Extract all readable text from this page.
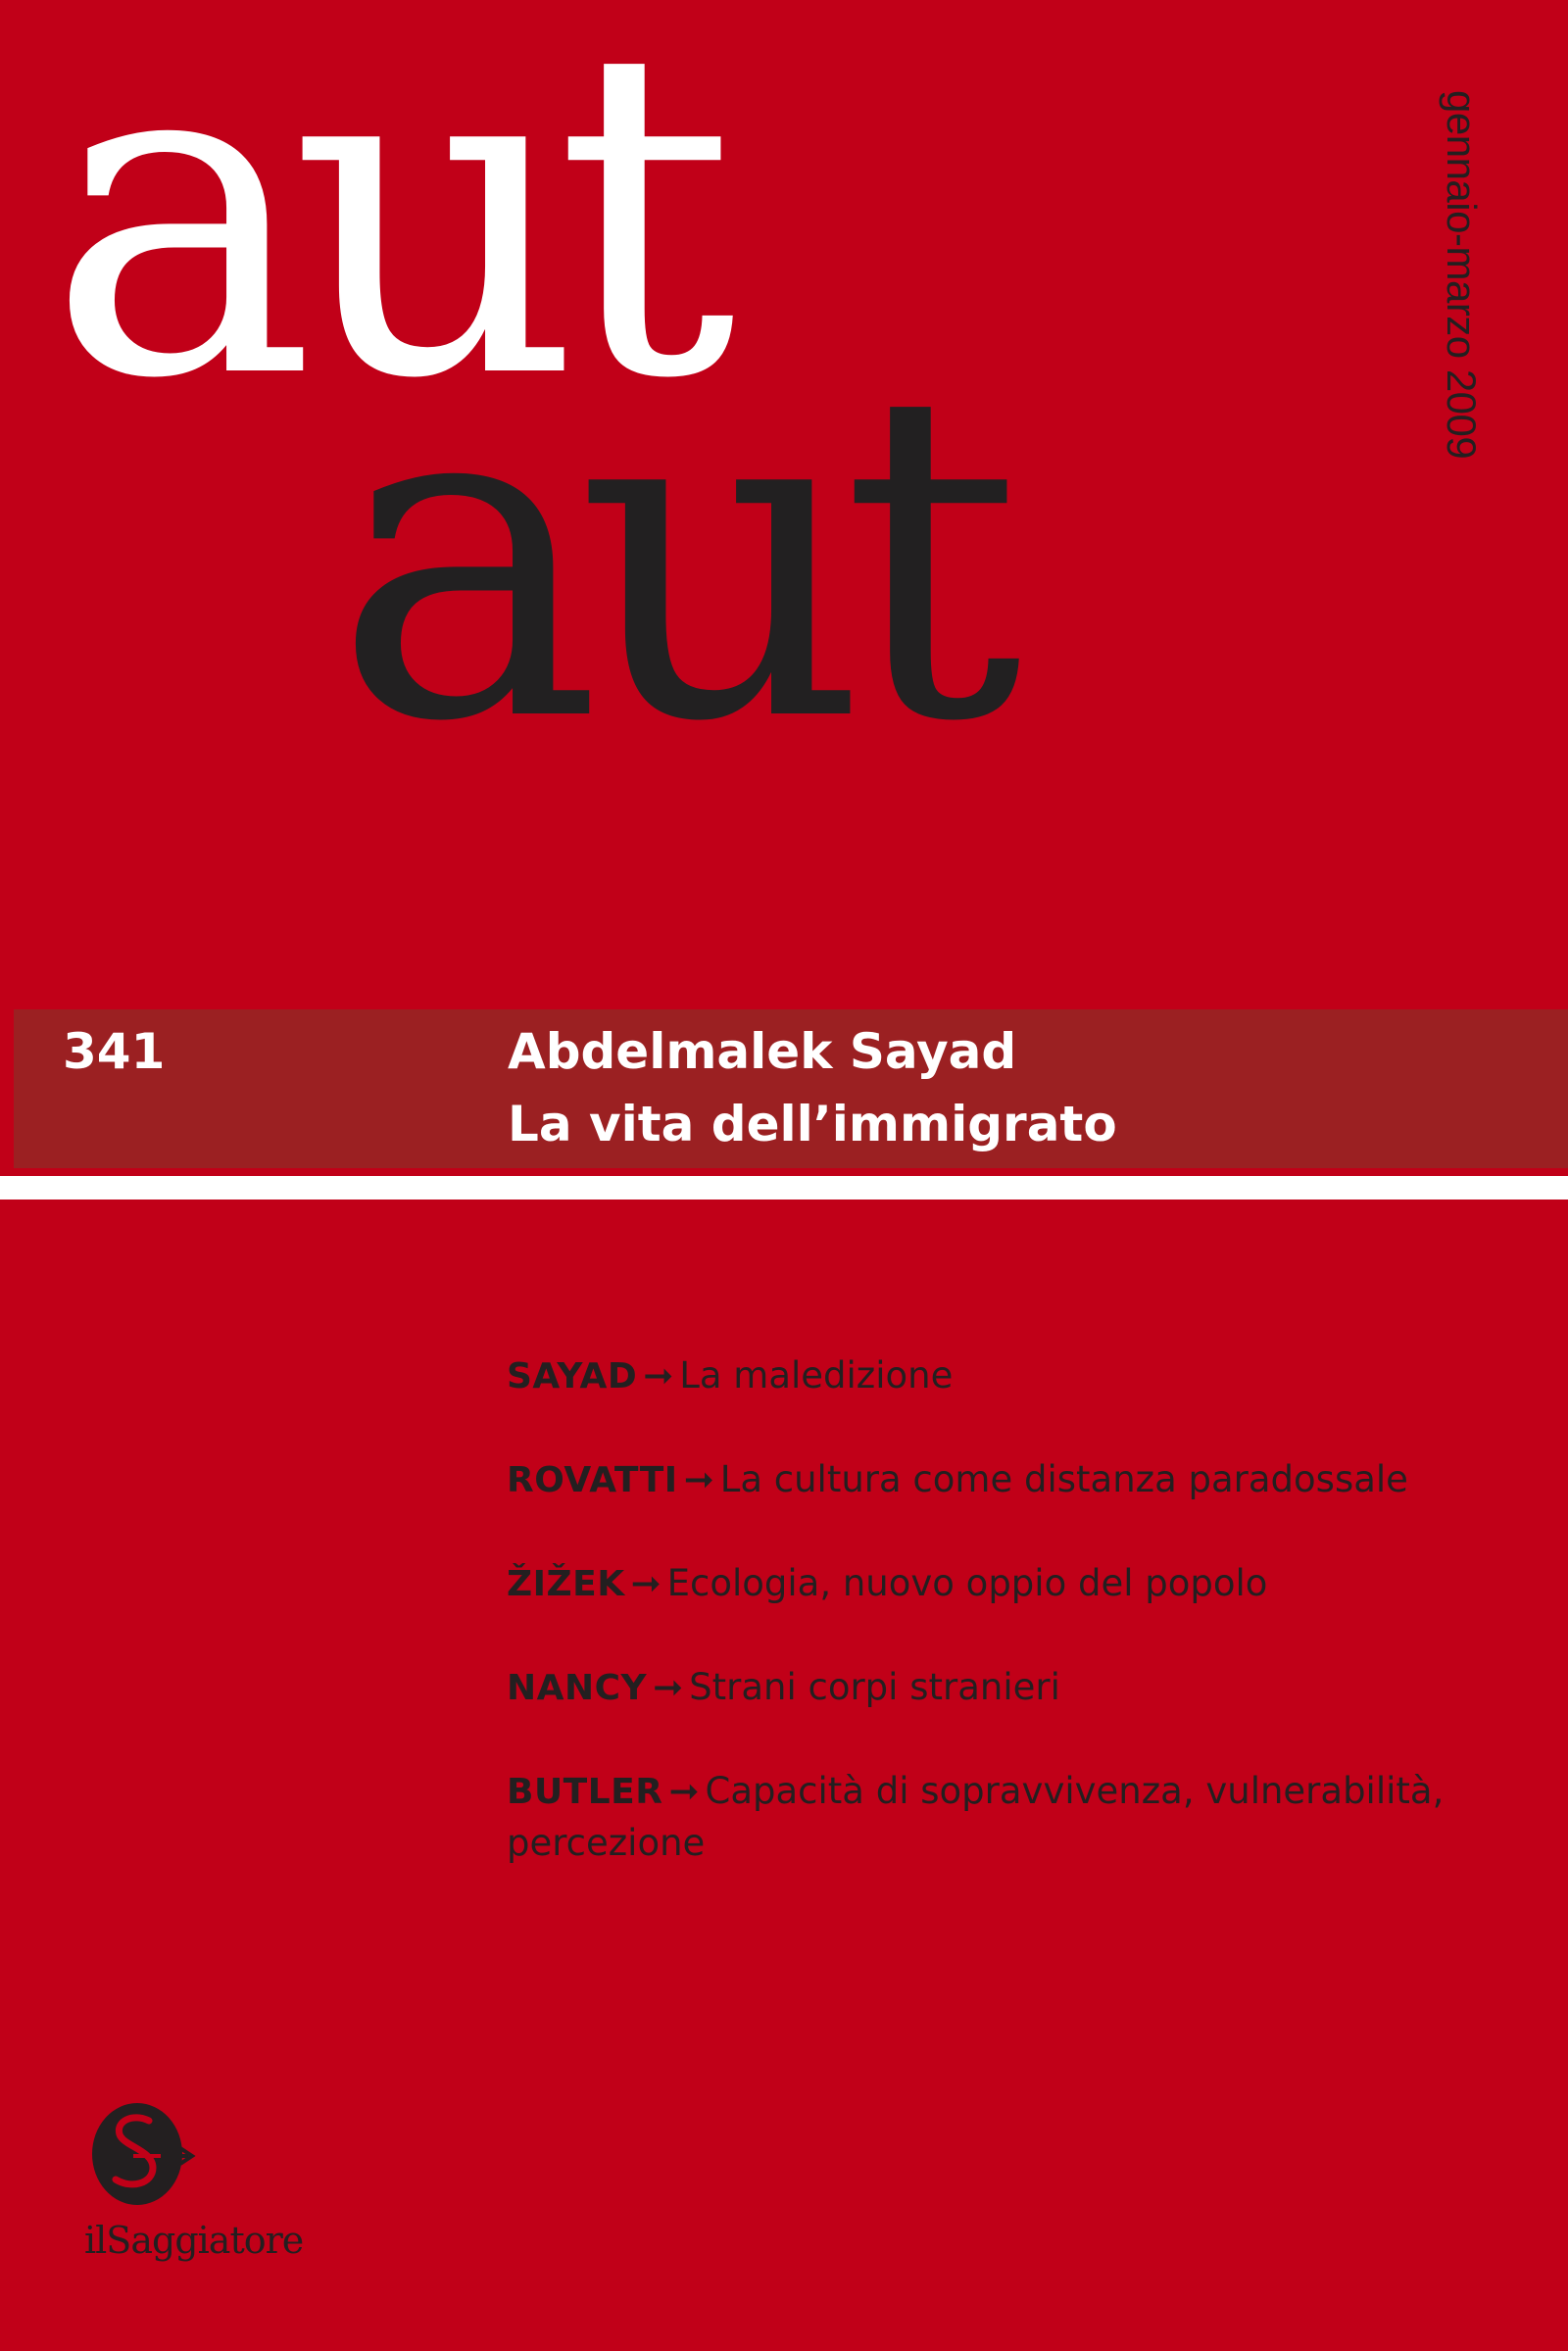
aut
aut
gennaio-marzo 2009
341	Abdelmalek Sayad
La vita dell’immigrato
SAYAD ➞ La maledizione
ROVATTI ➞ La cultura come distanza paradossale
ŽIŽEK ➞ Ecologia, nuovo oppio del popolo
NANCY ➞ Strani corpi stranieri
BUTLER ➞ Capacità di sopravvivenza, vulnerabilità, percezione
ilSaggiatore
